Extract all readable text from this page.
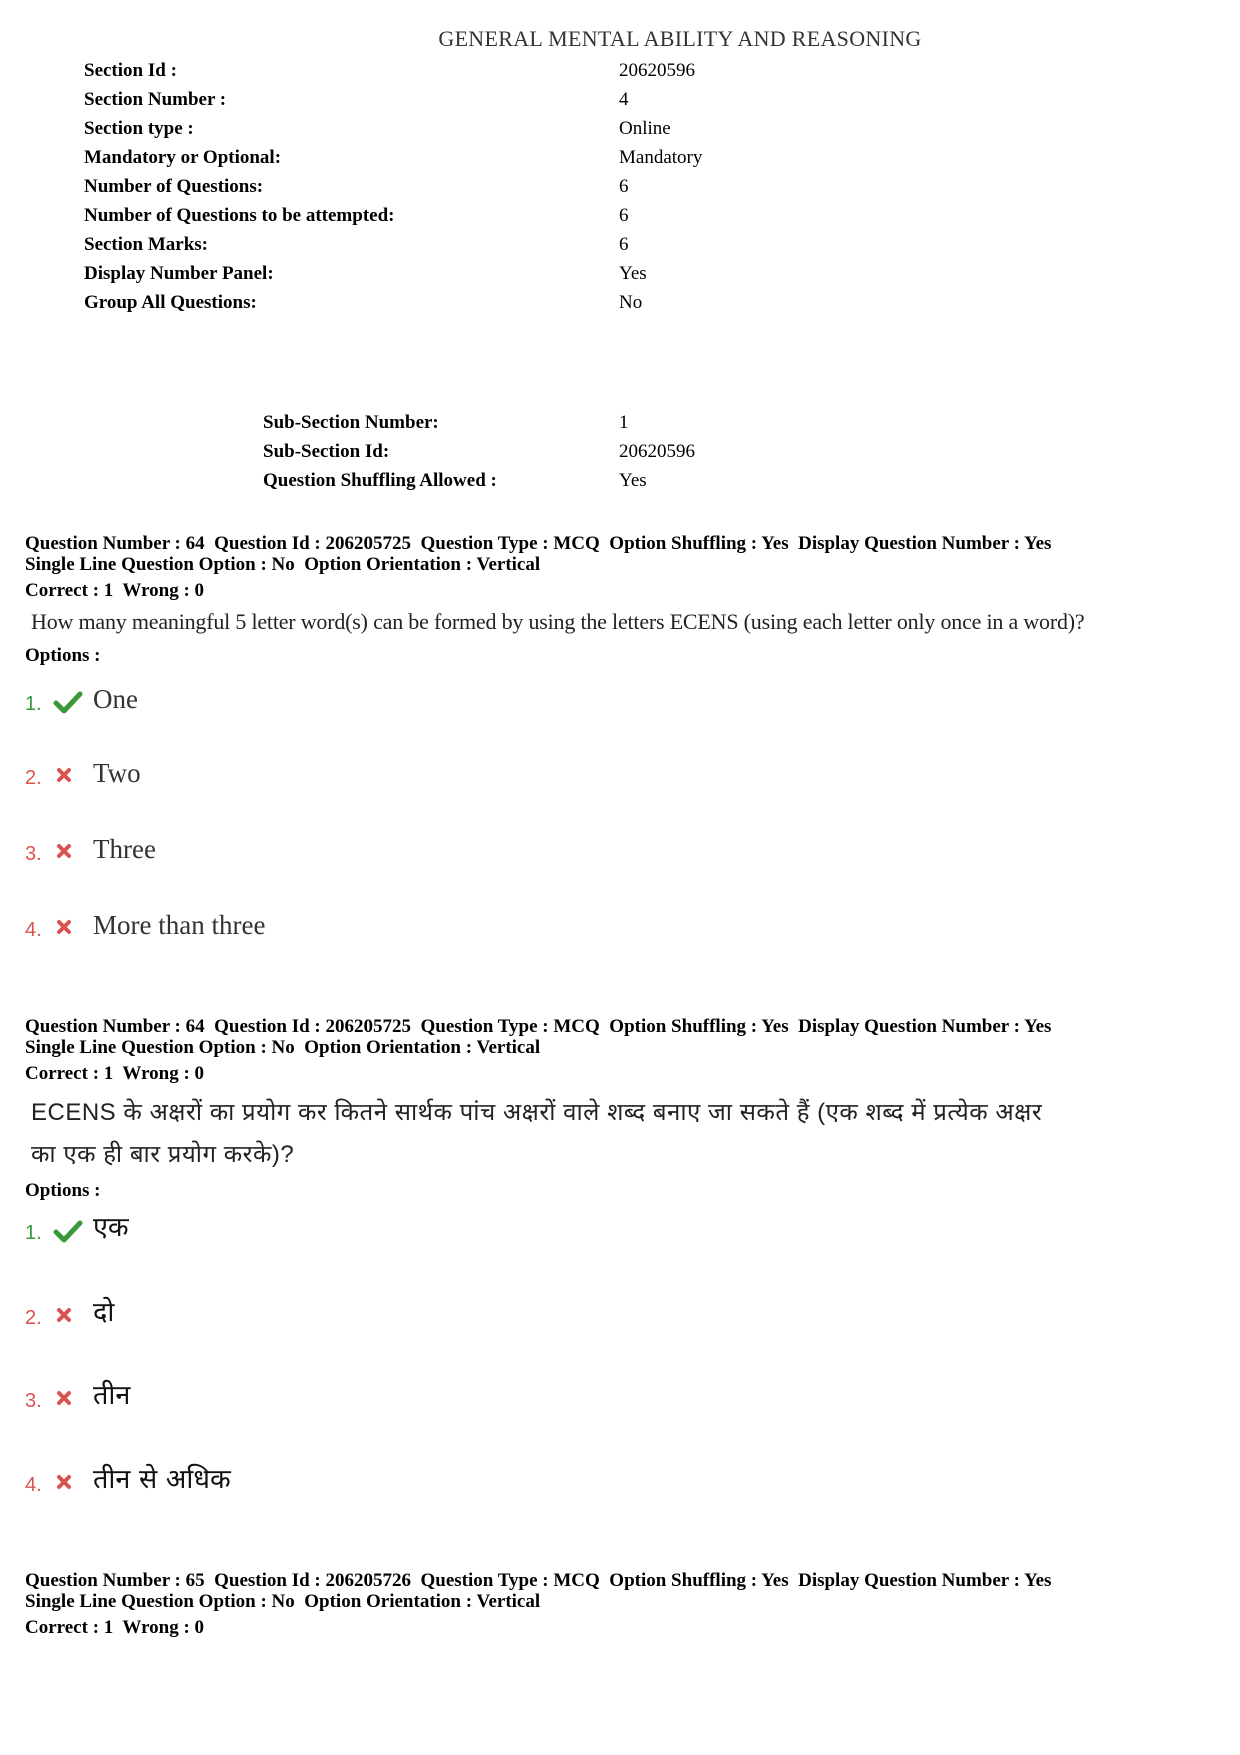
GENERAL MENTAL ABILITY AND REASONING
Section Id :	20620596
Section Number :	4
Section type :	Online
Mandatory or Optional:	Mandatory
Number of Questions:	6
Number of Questions to be attempted:	6
Section Marks:	6
Display Number Panel:	Yes
Group All Questions:	No
Sub-Section Number:	1
Sub-Section Id:	20620596
Question Shuffling Allowed :	Yes
Question Number : 64  Question Id : 206205725  Question Type : MCQ  Option Shuffling : Yes  Display Question Number : Yes
Single Line Question Option : No  Option Orientation : Vertical
Correct : 1  Wrong : 0
How many meaningful 5 letter word(s) can be formed by using the letters ECENS (using each letter only once in a word)?
Options :
1.	One
2.	Two
3.	Three
4.	More than three
Question Number : 64  Question Id : 206205725  Question Type : MCQ  Option Shuffling : Yes  Display Question Number : Yes
Single Line Question Option : No  Option Orientation : Vertical
Correct : 1  Wrong : 0
ECENS के अक्षरों का प्रयोग कर कितने सार्थक पांच अक्षरों वाले शब्द बनाए जा सकते हैं (एक शब्द में प्रत्येक अक्षर
का एक ही बार प्रयोग करके)?
Options :
1.	एक
2.	दो
3.	तीन
4.	तीन से अधिक
Question Number : 65  Question Id : 206205726  Question Type : MCQ  Option Shuffling : Yes  Display Question Number : Yes
Single Line Question Option : No  Option Orientation : Vertical
Correct : 1  Wrong : 0
